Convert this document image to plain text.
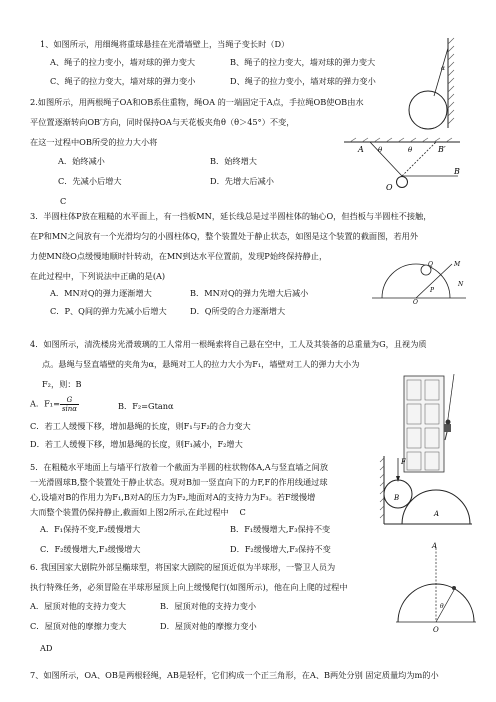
1、如图所示，用细绳将重球悬挂在光滑墙壁上，当绳子变长时（D）
A、绳子的拉力变小，墙对球的弹力变大	B、绳子的拉力变大，墙对球的弹力变大
C、绳子的拉力变大，墙对球的弹力变小	D、绳子的拉力变小，墙对球的弹力变小
α
2.如图所示，用两根绳子OA和OB系住重物，绳OA 的一端固定于A点，手拉绳OB使OB由水
平位置逐渐转向OB′方向，同时保持OA与天花板夹角θ（θ＞45°）不变，
在这一过程中OB所受的拉力大小将
A．始终减小	B．始终增大
C．先减小后增大	D．先增大后减小
C
A θ	θ	B′
O
B
3．半圆柱体P放在粗糙的水平面上，有一挡板MN，延长线总是过半圆柱体的轴心O，但挡板与半圆柱不接触，
在P和MN之间放有一个光滑均匀的小圆柱体Q，整个装置处于静止状态，如图是这个装置的截面图，若用外
力使MN绕O点缓慢地顺时针转动，在MN到达水平位置前，发现P始终保持静止，
在此过程中，下列说法中正确的是(A)
A．MN对Q的弹力逐渐增大	B．MN对Q的弹力先增大后减小
C．P、Q间的弹力先减小后增大	D．Q所受的合力逐渐增大
Q	M
P
O
N
4．如图所示，清洗楼房光滑玻璃的工人常用一根绳索将自己悬在空中，工人及其装备的总重量为G，且视为质
点。悬绳与竖直墙壁的夹角为α，悬绳对工人的拉力大小为F₁，墙壁对工人的弹力大小为
F₂，则：B
A．$F_1= \frac{G}{\sin\alpha}$	B．F₂=Gtanα
C．若工人缓慢下移，增加悬绳的长度，则F₁与F₂的合力变大
D．若工人缓慢下移，增加悬绳的长度，则F₁减小，F₂增大
5．在粗糙水平地面上与墙平行放着一个截面为半圆的柱状物体A,A与竖直墙之间放
一光滑圆球B,整个装置处于静止状态。现对B加一竖直向下的力F,F的作用线通过球
心,设墙对B的作用力为F₁,B对A的压力为F₂,地面对A的支持力为F₃。若F缓慢增
大而整个装置仍保持静止,截面如上图2所示,在此过程中　 C
A．F₁保持不变,F₃缓慢增大	B．F₁缓慢增大,F₃保持不变
C．F₂缓慢增大,F₃缓慢增大	D．F₂缓慢增大,F₃保持不变
F
B
A
6. 我国国家大剧院外部呈椭球型，将国家大剧院的屋顶近似为半球形，一警卫人员为
执行特殊任务，必须冒险在半球形屋顶上向上缓慢爬行(如图所示)，他在向上爬的过程中
A．屋顶对他的支持力变大	B．屋顶对他的支持力变小
C．屋顶对他的摩擦力变大	D．屋顶对他的摩擦力变小
AD
A
θ
O
7、如图所示，OA、OB是两根轻绳，AB是轻杆，它们构成一个正三角形，在A、B两处分别 固定质量均为m的小
